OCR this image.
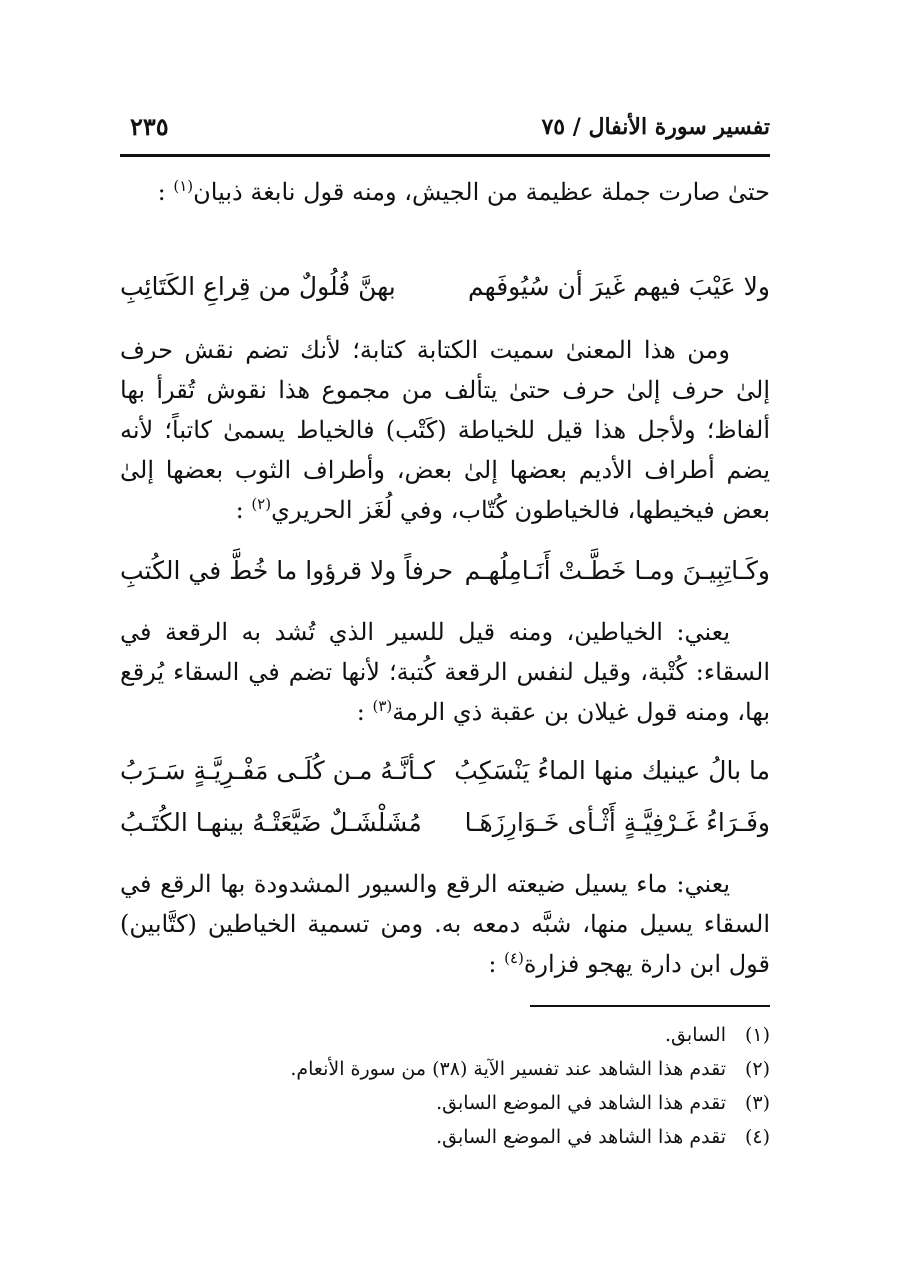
تفسير سورة الأنفال / ٧٥
٢٣٥

حتىٰ صارت جملة عظيمة من الجيش، ومنه قول نابغة ذبيان$^{(١)}$ :

ولا عَيْبَ فيهم غَيرَ أن سُيُوفَهم
بهنَّ فُلُولٌ من قِراعِ الكَتَائِبِ

ومن هذا المعنىٰ سميت الكتابة كتابة؛ لأنك تضم نقش حرف إلىٰ حرف إلىٰ حرف حتىٰ يتألف من مجموع هذا نقوش تُقرأ بها ألفاظ؛ ولأجل هذا قيل للخياطة (كَتْب) فالخياط يسمىٰ كاتباً؛ لأنه يضم أطراف الأديم بعضها إلىٰ بعض، وأطراف الثوب بعضها إلىٰ بعض فيخيطها، فالخياطون كُتّاب، وفي لُغَز الحريري$^{(٢)}$ :

وكَـاتِبِيـنَ ومـا خَطَّـتْ أَنَـامِلُهـم
حرفاً ولا قرؤوا ما خُطَّ في الكُتبِ

يعني: الخياطين، ومنه قيل للسير الذي تُشد به الرقعة في السقاء: كُتْبة، وقيل لنفس الرقعة كُتبة؛ لأنها تضم في السقاء يُرقع بها، ومنه قول غيلان بن عقبة ذي الرمة$^{(٣)}$ :

ما بالُ عينيك منها الماءُ يَنْسَكِبُ
كـأنَّـهُ مـن كُلَـى مَفْـرِيَّـةٍ سَـرَبُ
وفَـرَاءُ غَـرْفِيَّـةٍ أَثْـأى خَـوَارِزَهَـا
مُشَلْشَـلٌ ضَيَّعَتْـهُ بينهـا الكُتَـبُ

يعني: ماء يسيل ضيعته الرقع والسيور المشدودة بها الرقع في السقاء يسيل منها، شبَّه دمعه به. ومن تسمية الخياطين (كتَّابين) قول ابن دارة يهجو فزارة$^{(٤)}$ :

(١)السابق.
(٢)تقدم هذا الشاهد عند تفسير الآية (٣٨) من سورة الأنعام.
(٣)تقدم هذا الشاهد في الموضع السابق.
(٤)تقدم هذا الشاهد في الموضع السابق.
